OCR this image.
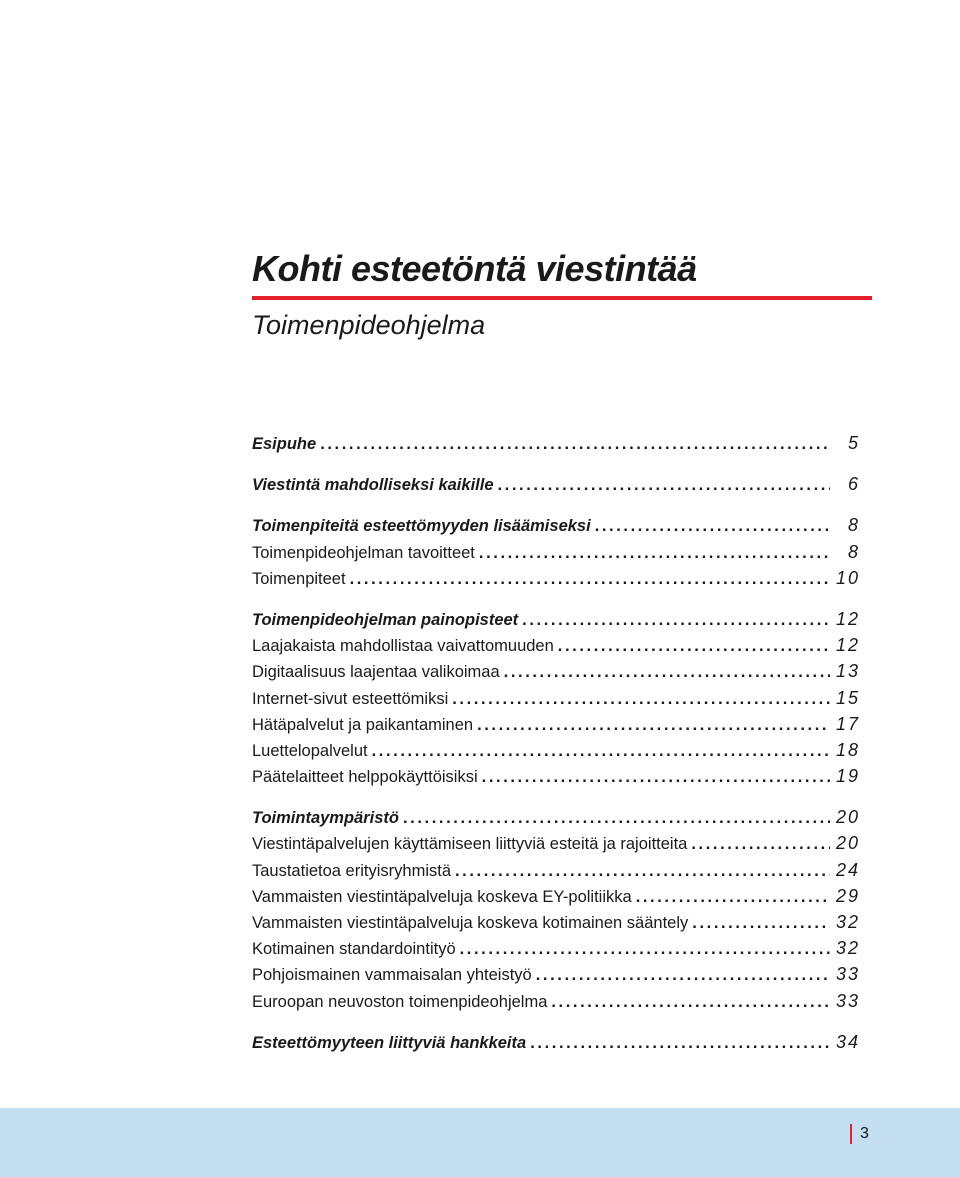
Kohti esteetöntä viestintää
Toimenpideohjelma
Esipuhe .....	5
Viestintä mahdolliseksi kaikille .....	6
Toimenpiteitä esteettömyyden lisäämiseksi .....	8
Toimenpideohjelman tavoitteet .....	8
Toimenpiteet .....	10
Toimenpideohjelman painopisteet .....	12
Laajakaista mahdollistaa vaivattomuuden .....	12
Digitaalisuus laajentaa valikoimaa .....	13
Internet-sivut esteettömiksi .....	15
Hätäpalvelut ja paikantaminen .....	17
Luettelopalvelut .....	18
Päätelaitteet helppokäyttöisiksi .....	19
Toimintaympäristö .....	20
Viestintäpalvelujen käyttämiseen liittyviä esteitä ja rajoitteita .....	20
Taustatietoa erityisryhmistä .....	24
Vammaisten viestintäpalveluja koskeva EY-politiikka .....	29
Vammaisten viestintäpalveluja koskeva kotimainen sääntely .....	32
Kotimainen standardointityö .....	32
Pohjoismainen vammaisalan yhteistyö .....	33
Euroopan neuvoston toimenpideohjelma .....	33
Esteettömyyteen liittyviä hankkeita .....	34
3
